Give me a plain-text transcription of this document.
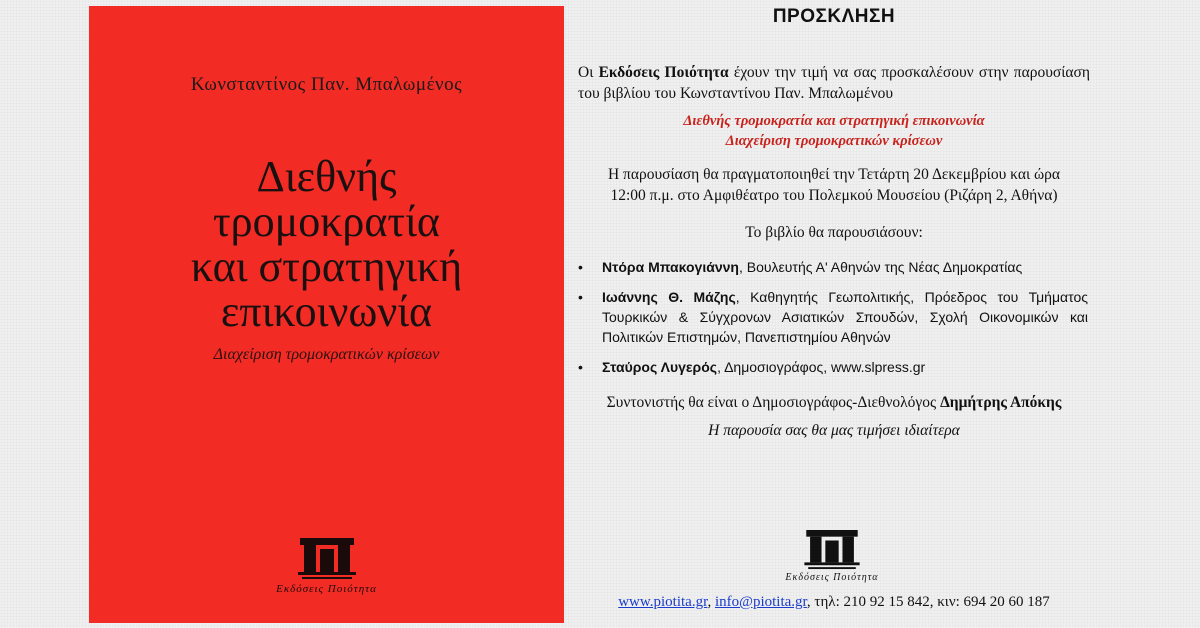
Κωνσταντίνος Παν. Μπαλωμένος
Διεθνής
τρομοκρατία
και στρατηγική
επικοινωνία
Διαχείριση τρομοκρατικών κρίσεων
Εκδόσεις Ποιότητα
ΠΡΟΣΚΛΗΣΗ
Οι Εκδόσεις Ποιότητα έχουν την τιμή να σας προσκαλέσουν στην παρουσίαση του βιβλίου του Κωνσταντίνου Παν. Μπαλωμένου
Διεθνής τρομοκρατία και στρατηγική επικοινωνία
Διαχείριση τρομοκρατικών κρίσεων
Η παρουσίαση θα πραγματοποιηθεί την Τετάρτη 20 Δεκεμβρίου και ώρα
12:00 π.μ. στο Αμφιθέατρο του Πολεμκού Μουσείου (Ριζάρη 2, Αθήνα)
Το βιβλίο θα παρουσιάσουν:
• Ντόρα Μπακογιάννη, Βουλευτής Α' Αθηνών της Νέας Δημοκρατίας
• Ιωάννης Θ. Μάζης, Καθηγητής Γεωπολιτικής, Πρόεδρος του Τμήματος Τουρκικών & Σύγχρονων Ασιατικών Σπουδών, Σχολή Οικονομικών και Πολιτικών Επιστημών, Πανεπιστημίου Αθηνών
• Σταύρος Λυγερός, Δημοσιογράφος, www.slpress.gr
Συντονιστής θα είναι ο Δημοσιογράφος-Διεθνολόγος Δημήτρης Απόκης
Η παρουσία σας θα μας τιμήσει ιδιαίτερα
Εκδόσεις Ποιότητα
www.piotita.gr, info@piotita.gr, τηλ: 210 92 15 842, κιν: 694 20 60 187
